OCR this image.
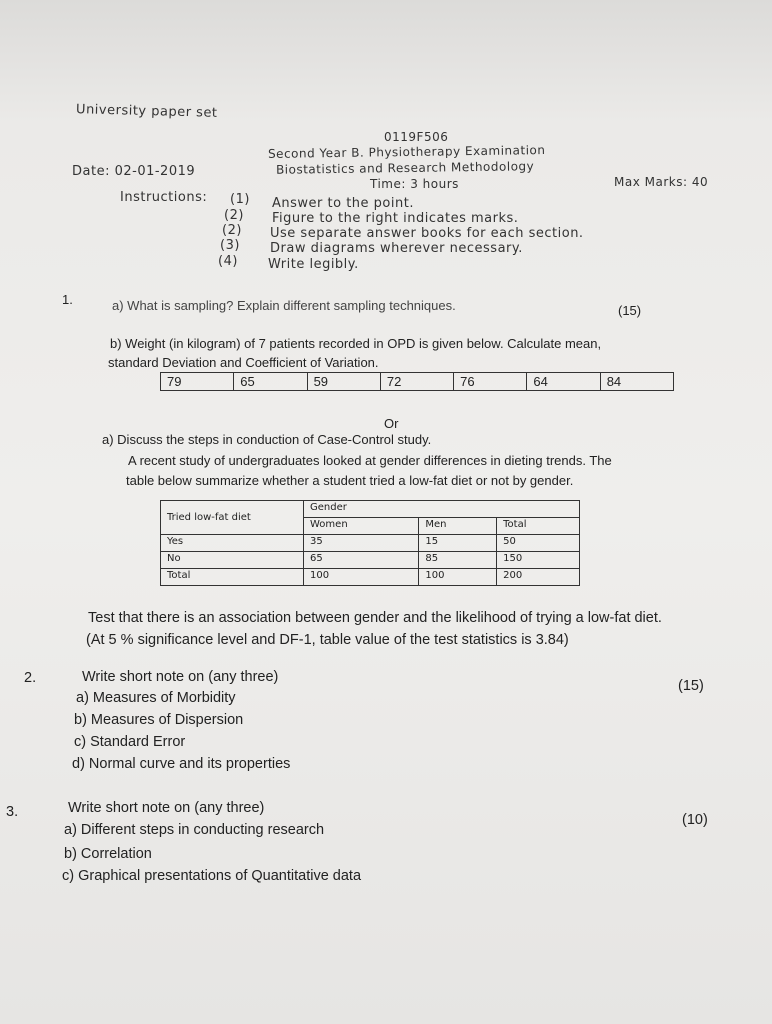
University paper set
0119F506
Second Year B. Physiotherapy Examination
Biostatistics and Research Methodology
Time: 3 hours
Date: 02-01-2019
Max Marks: 40
Instructions: (1) Answer to the point.
(2) Figure to the right indicates marks.
(2) Use separate answer books for each section.
(3) Draw diagrams wherever necessary.
(4) Write legibly.
1.	a) What is sampling? Explain different sampling techniques.	(15)
b) Weight (in kilogram) of 7 patients recorded in OPD is given below. Calculate mean,
standard Deviation and Coefficient of Variation.
79	65	59	72	76	64	84
Or
a) Discuss the steps in conduction of Case-Control study.
A recent study of undergraduates looked at gender differences in dieting trends. The
table below summarize whether a student tried a low-fat diet or not by gender.
Tried low-fat diet	Gender		
	Women	Men	Total
Yes	35	15	50
No	65	85	150
Total	100	100	200
Test that there is an association between gender and the likelihood of trying a low-fat diet.
(At 5 % significance level and DF-1, table value of the test statistics is 3.84)
2.	Write short note on (any three)
(15)
a) Measures of Morbidity
b) Measures of Dispersion
c) Standard Error
d) Normal curve and its properties
3.	Write short note on (any three)
(10)
a) Different steps in conducting research
b) Correlation
c) Graphical presentations of Quantitative data
